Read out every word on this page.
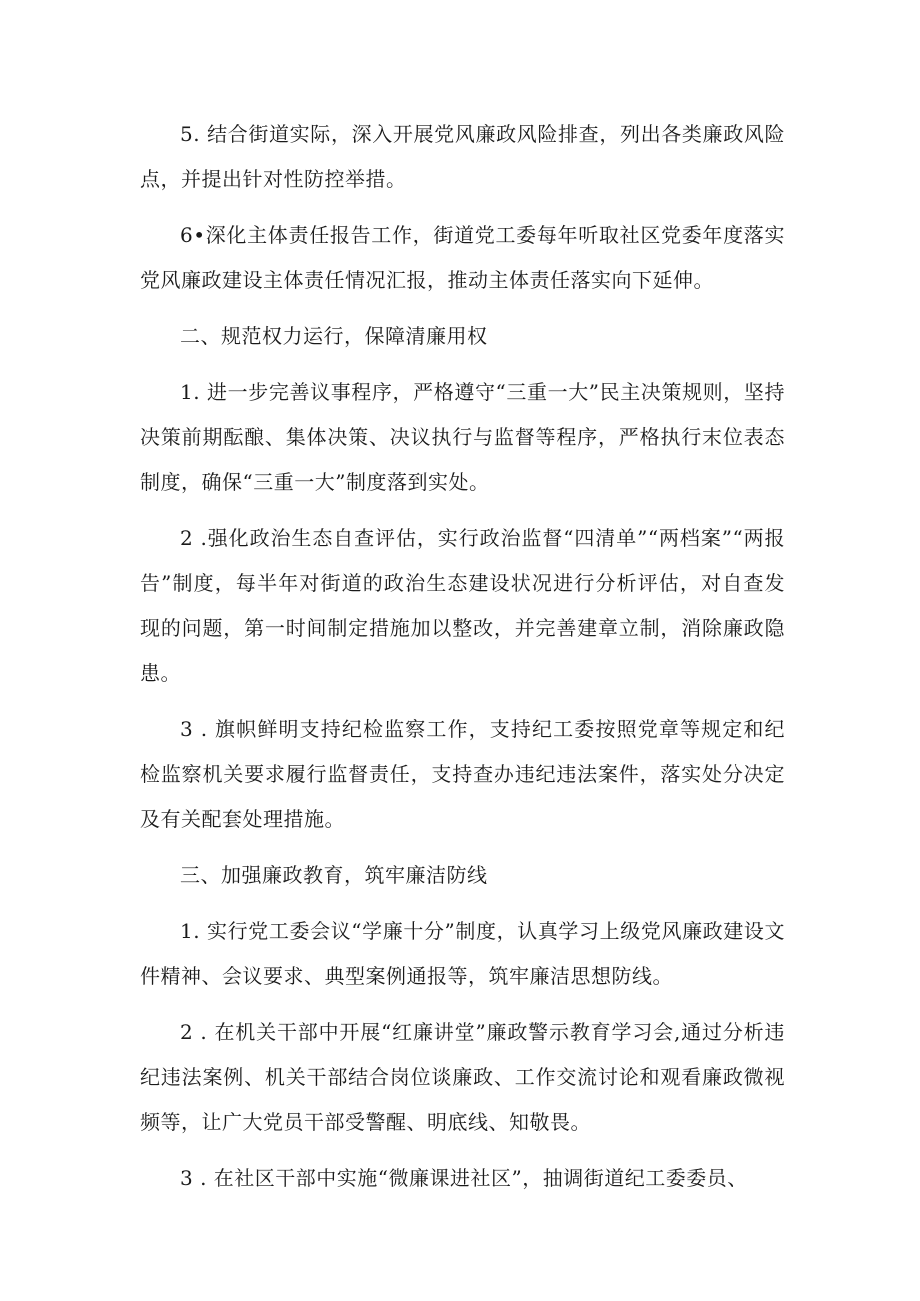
5. 结合街道实际，深入开展党风廉政风险排查，列出各类廉政风险点，并提出针对性防控举措。

6•深化主体责任报告工作，街道党工委每年听取社区党委年度落实党风廉政建设主体责任情况汇报，推动主体责任落实向下延伸。

二、规范权力运行，保障清廉用权

1. 进一步完善议事程序，严格遵守“三重一大”民主决策规则，坚持决策前期酝酿、集体决策、决议执行与监督等程序，严格执行末位表态制度，确保“三重一大”制度落到实处。

2 .强化政治生态自查评估，实行政治监督“四清单”“两档案”“两报告”制度，每半年对街道的政治生态建设状况进行分析评估，对自查发现的问题，第一时间制定措施加以整改，并完善建章立制，消除廉政隐患。

3 . 旗帜鲜明支持纪检监察工作，支持纪工委按照党章等规定和纪检监察机关要求履行监督责任，支持查办违纪违法案件，落实处分决定及有关配套处理措施。

三、加强廉政教育，筑牢廉洁防线

1. 实行党工委会议“学廉十分”制度，认真学习上级党风廉政建设文件精神、会议要求、典型案例通报等，筑牢廉洁思想防线。

2 . 在机关干部中开展“红廉讲堂”廉政警示教育学习会,通过分析违纪违法案例、机关干部结合岗位谈廉政、工作交流讨论和观看廉政微视频等，让广大党员干部受警醒、明底线、知敬畏。

3 . 在社区干部中实施“微廉课进社区”，抽调街道纪工委委员、
